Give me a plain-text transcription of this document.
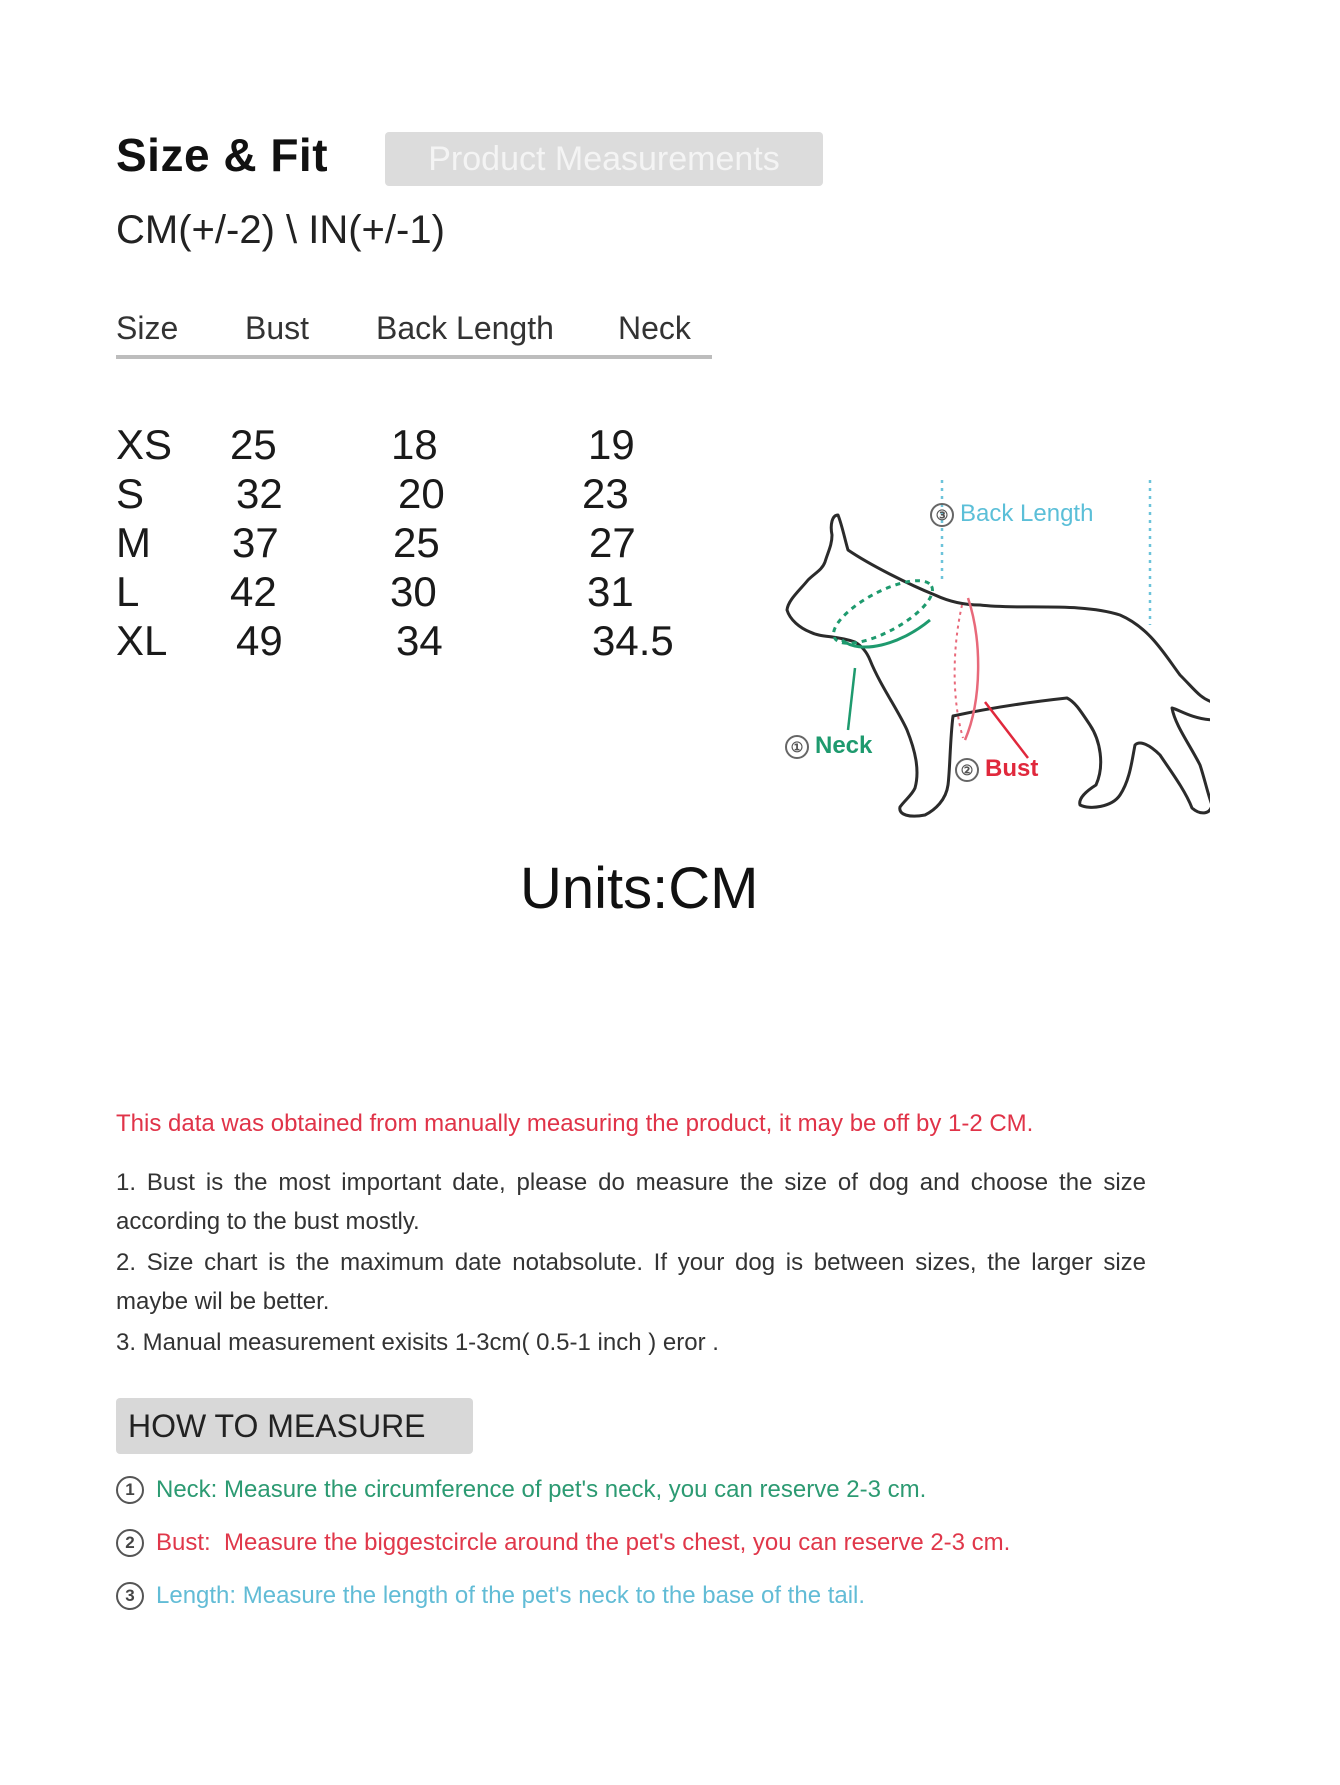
Size & Fit	Product Measurements
CM(+/-2) \ IN(+/-1)
Size Bust Back Length Neck
XS 25	18	19
S 32	20	23
M 37	25	27
L 42	30	31
XL 49	34	34.5
③ Back Length
① Neck
② Bust
Units:CM
This data was obtained from manually measuring the product, it may be off by 1-2 CM.
1. Bust is the most important date, please do measure the size of dog and choose the size according to the bust mostly.
2. Size chart is the maximum date notabsolute. If your dog is between sizes, the larger size maybe wil be better.
3. Manual measurement exisits 1-3cm( 0.5-1 inch ) eror .
HOW TO MEASURE
1 Neck: Measure the circumference of pet's neck, you can reserve 2-3 cm.
2 Bust:  Measure the biggestcircle around the pet's chest, you can reserve 2-3 cm.
3 Length: Measure the length of the pet's neck to the base of the tail.
